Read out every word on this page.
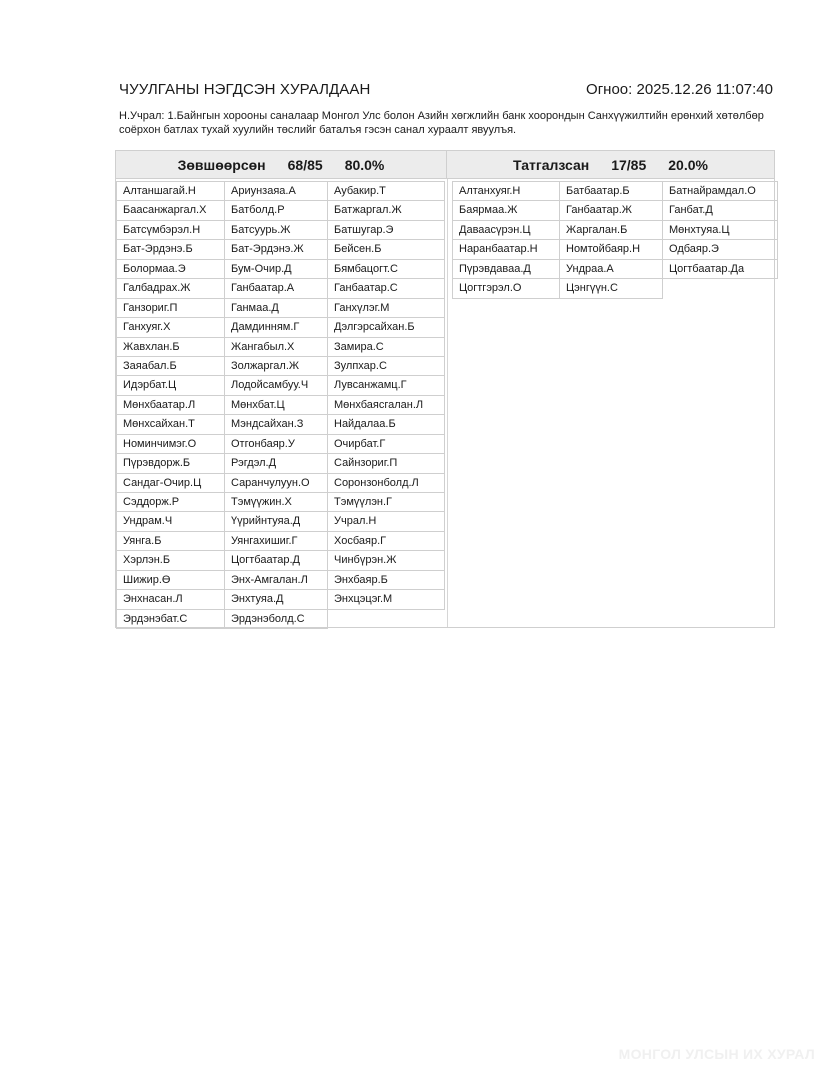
ЧУУЛГАНЫ НЭГДСЭН ХУРАЛДААН	Огноо: 2025.12.26 11:07:40
Н.Учрал: 1.Байнгын хорооны саналаар Монгол Улс болон Азийн хөгжлийн банк хоорондын Санхүүжилтийн ерөнхий хөтөлбөр соёрхон батлах тухай хуулийн төслийг баталъя гэсэн санал хураалт явуулъя.
Зөвшөөрсөн 68/85 80.0%	Татгалзсан 17/85 20.0%
Алтаншагай.Н	Ариунзаяа.А	Аубакир.Т
Баасанжаргал.Х	Батболд.Р	Батжаргал.Ж
Батсүмбэрэл.Н	Батсуурь.Ж	Батшугар.Э
Бат-Эрдэнэ.Б	Бат-Эрдэнэ.Ж	Бейсен.Б
Болормаа.Э	Бум-Очир.Д	Бямбацогт.С
Галбадрах.Ж	Ганбаатар.А	Ганбаатар.С
Ганзориг.П	Ганмаа.Д	Ганхүлэг.М
Ганхуяг.Х	Дамдинням.Г	Дэлгэрсайхан.Б
Жавхлан.Б	Жангабыл.Х	Замира.С
Заяабал.Б	Золжаргал.Ж	Зулпхар.С
Идэрбат.Ц	Лодойсамбуу.Ч	Лувсанжамц.Г
Мөнхбаатар.Л	Мөнхбат.Ц	Мөнхбаясгалан.Л
Мөнхсайхан.Т	Мэндсайхан.З	Найдалаа.Б
Номинчимэг.О	Отгонбаяр.У	Очирбат.Г
Пүрэвдорж.Б	Рэгдэл.Д	Сайнзориг.П
Сандаг-Очир.Ц	Саранчулуун.О	Соронзонболд.Л
Сэддорж.Р	Тэмүүжин.Х	Тэмүүлэн.Г
Ундрам.Ч	Үүрийнтуяа.Д	Учрал.Н
Уянга.Б	Уянгахишиг.Г	Хосбаяр.Г
Хэрлэн.Б	Цогтбаатар.Д	Чинбүрэн.Ж
Шижир.Ө	Энх-Амгалан.Л	Энхбаяр.Б
Энхнасан.Л	Энхтуяа.Д	Энхцэцэг.М
Эрдэнэбат.С	Эрдэнэболд.С
Алтанхуяг.Н	Батбаатар.Б	Батнайрамдал.О
Баярмаа.Ж	Ганбаатар.Ж	Ганбат.Д
Даваасүрэн.Ц	Жаргалан.Б	Мөнхтуяа.Ц
Наранбаатар.Н	Номтойбаяр.Н	Одбаяр.Э
Пүрэвдаваа.Д	Ундраа.А	Цогтбаатар.Да
Цогтгэрэл.О	Цэнгүүн.С
МОНГОЛ УЛСЫН ИХ ХУРАЛ
